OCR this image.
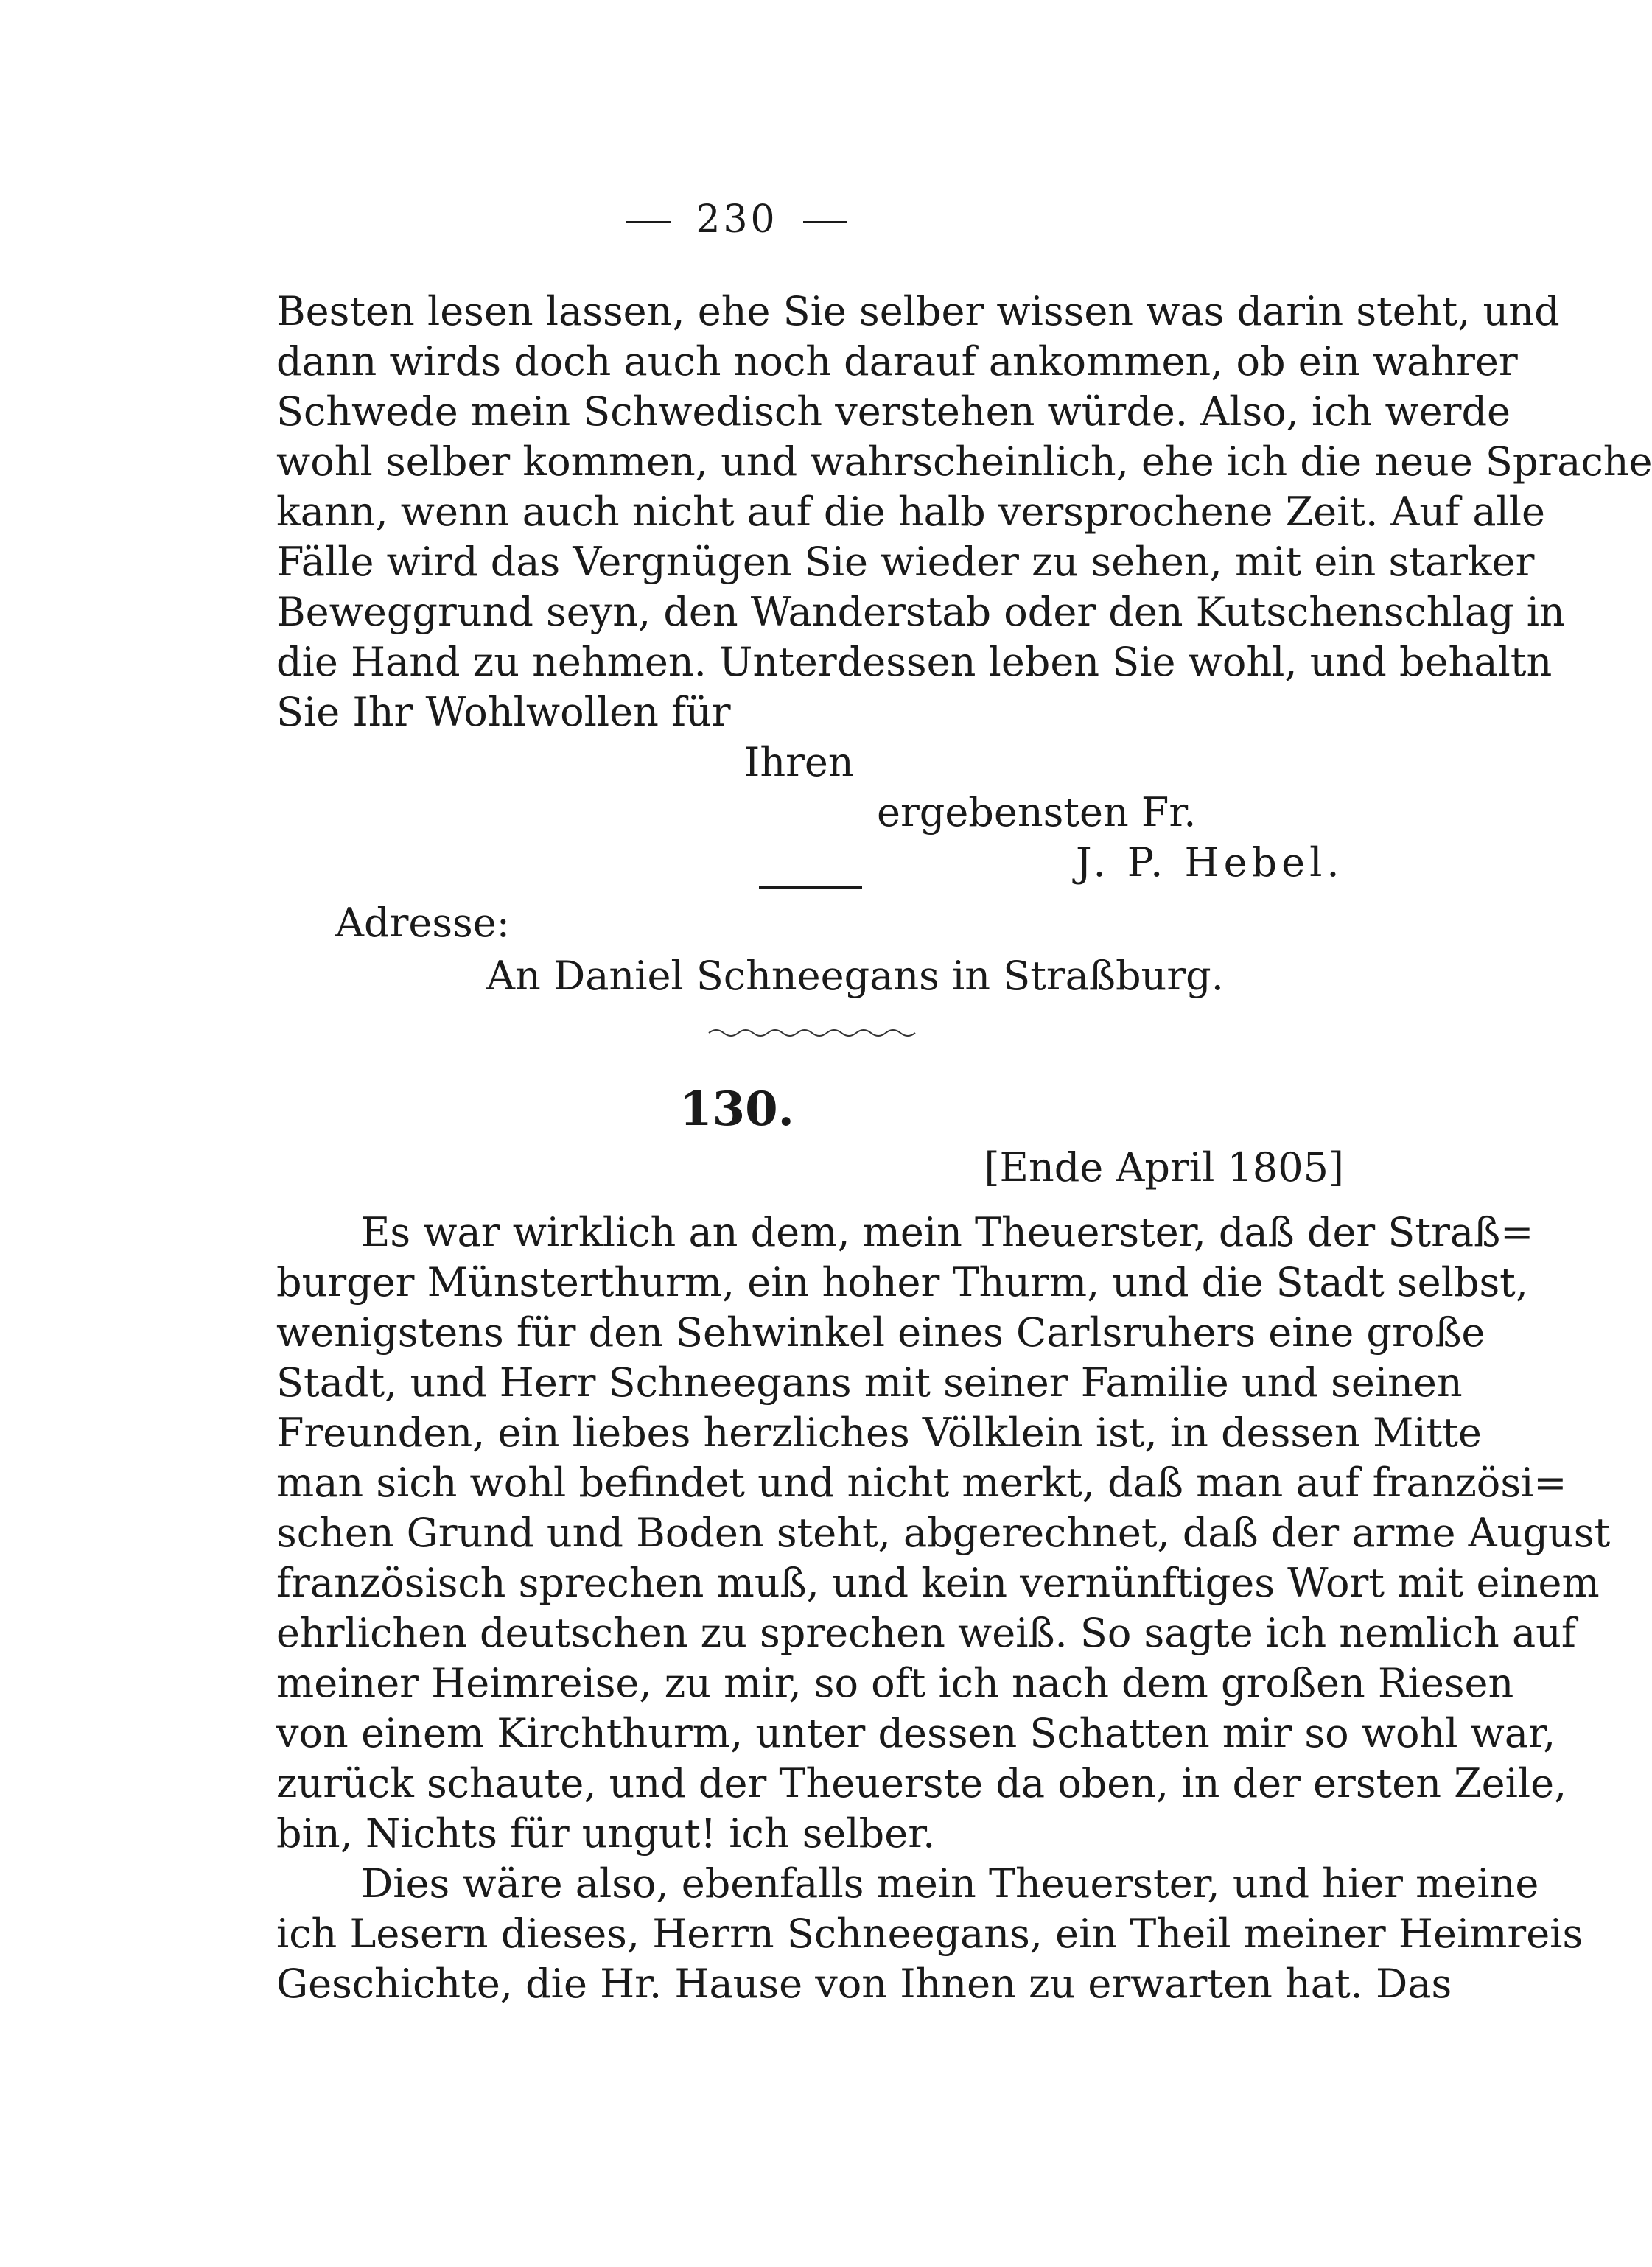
230
Besten lesen lassen, ehe Sie selber wissen was darin steht, und
dann wirds doch auch noch darauf ankommen, ob ein wahrer
Schwede mein Schwedisch verstehen würde. Also, ich werde
wohl selber kommen, und wahrscheinlich, ehe ich die neue Sprache
kann, wenn auch nicht auf die halb versprochene Zeit. Auf alle
Fälle wird das Vergnügen Sie wieder zu sehen, mit ein starker
Beweggrund seyn, den Wanderstab oder den Kutschenschlag in
die Hand zu nehmen. Unterdessen leben Sie wohl, und behaltn
Sie Ihr Wohlwollen für
Ihren
ergebensten Fr.
J. P. Hebel.
Adresse:
An Daniel Schneegans in Straßburg.
130.
[Ende April 1805]
Es war wirklich an dem, mein Theuerster, daß der Straß=
burger Münsterthurm, ein hoher Thurm, und die Stadt selbst,
wenigstens für den Sehwinkel eines Carlsruhers eine große
Stadt, und Herr Schneegans mit seiner Familie und seinen
Freunden, ein liebes herzliches Völklein ist, in dessen Mitte
man sich wohl befindet und nicht merkt, daß man auf französi=
schen Grund und Boden steht, abgerechnet, daß der arme August
französisch sprechen muß, und kein vernünftiges Wort mit einem
ehrlichen deutschen zu sprechen weiß. So sagte ich nemlich auf
meiner Heimreise, zu mir, so oft ich nach dem großen Riesen
von einem Kirchthurm, unter dessen Schatten mir so wohl war,
zurück schaute, und der Theuerste da oben, in der ersten Zeile,
bin, Nichts für ungut! ich selber.
Dies wäre also, ebenfalls mein Theuerster, und hier meine
ich Lesern dieses, Herrn Schneegans, ein Theil meiner Heimreis
Geschichte, die Hr. Hause von Ihnen zu erwarten hat. Das
